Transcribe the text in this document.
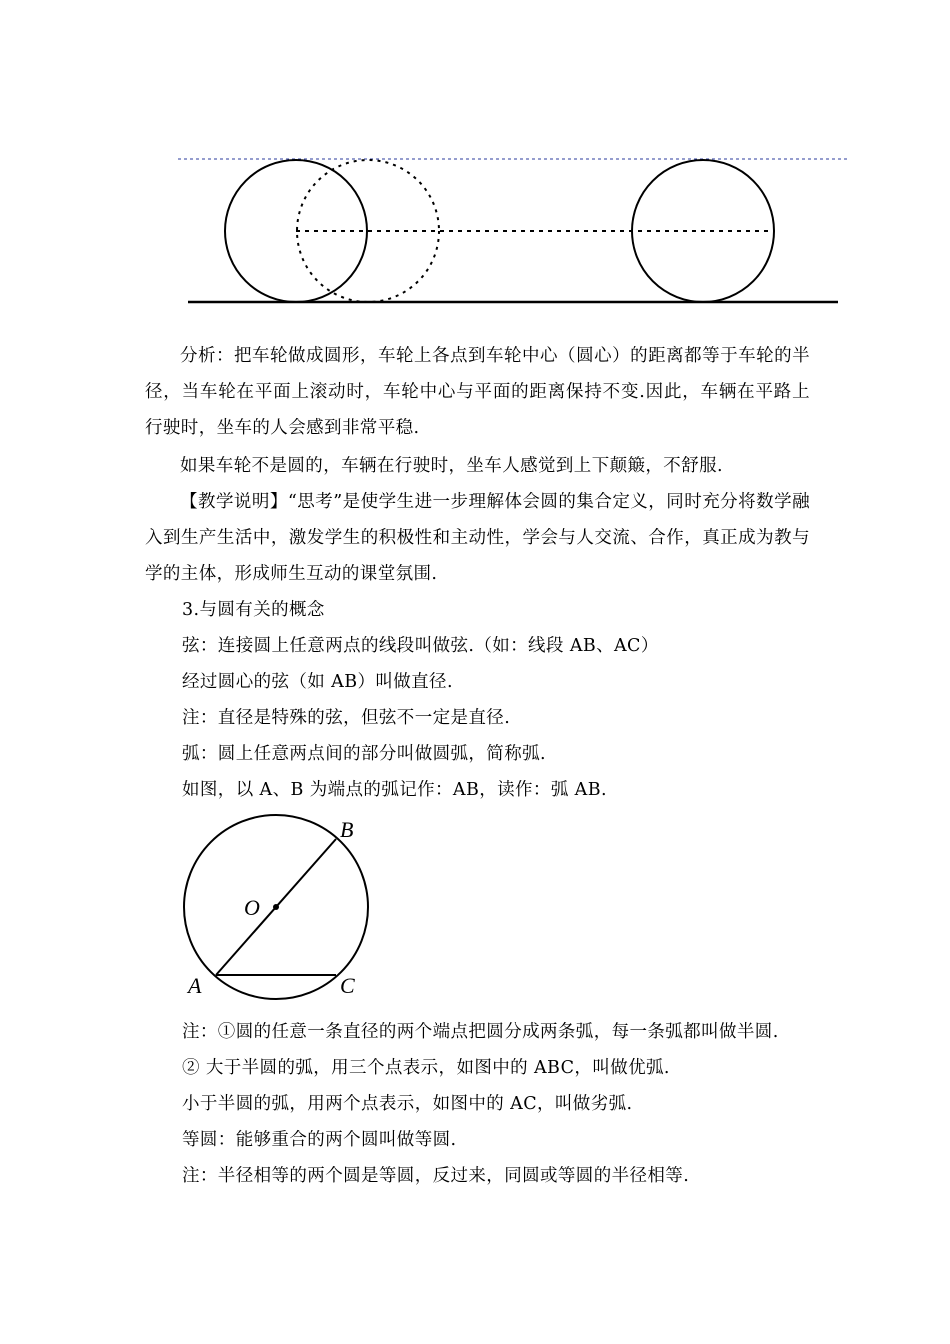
分析：把车轮做成圆形，车轮上各点到车轮中心（圆心）的距离都等于车轮的半径，当车轮在平面上滚动时，车轮中心与平面的距离保持不变.因此，车辆在平路上行驶时，坐车的人会感到非常平稳.

如果车轮不是圆的，车辆在行驶时，坐车人感觉到上下颠簸，不舒服.

【教学说明】“思考”是使学生进一步理解体会圆的集合定义，同时充分将数学融入到生产生活中，激发学生的积极性和主动性，学会与人交流、合作，真正成为教与学的主体，形成师生互动的课堂氛围.

3.与圆有关的概念
弦：连接圆上任意两点的线段叫做弦.（如：线段 AB、AC）
经过圆心的弦（如 AB）叫做直径.
注：直径是特殊的弦，但弦不一定是直径.
弧：圆上任意两点间的部分叫做圆弧，简称弧.
如图，以 A、B 为端点的弧记作：AB，读作：弧 AB.
B
O
A	C
注：①圆的任意一条直径的两个端点把圆分成两条弧，每一条弧都叫做半圆.
② 大于半圆的弧，用三个点表示，如图中的 ABC，叫做优弧.
小于半圆的弧，用两个点表示，如图中的 AC，叫做劣弧.
等圆：能够重合的两个圆叫做等圆.
注：半径相等的两个圆是等圆，反过来，同圆或等圆的半径相等.
